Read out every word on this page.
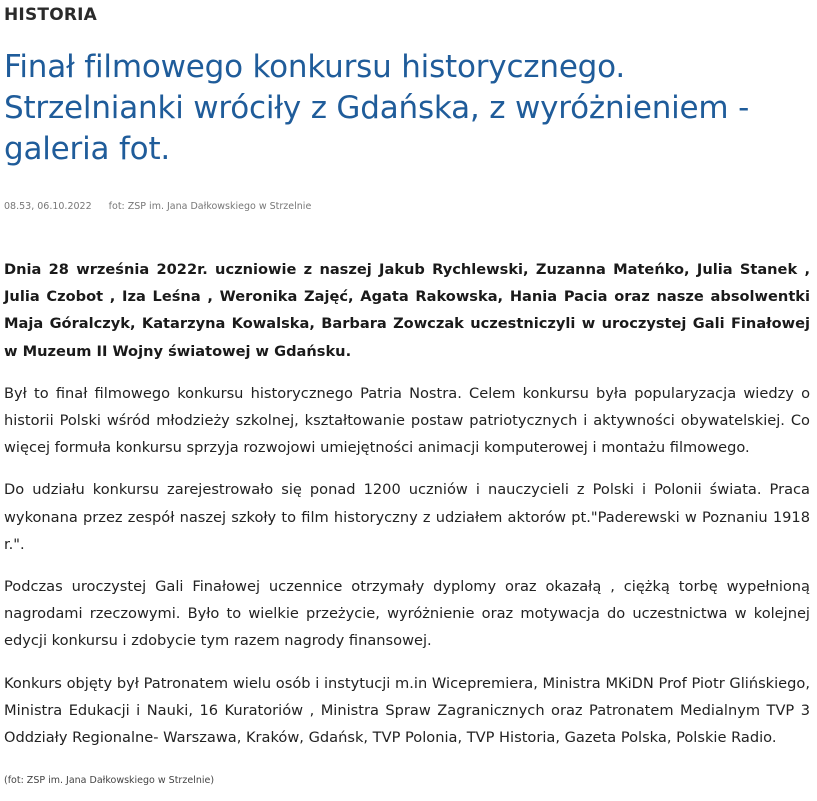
HISTORIA
Finał filmowego konkursu historycznego. Strzelnianki wróciły z Gdańska, z wyróżnieniem - galeria fot.
08.53, 06.10.2022 fot: ZSP im. Jana Dałkowskiego w Strzelnie

Dnia 28 września 2022r. uczniowie z naszej Jakub Rychlewski, Zuzanna Mateńko, Julia Stanek , Julia Czobot , Iza Leśna , Weronika Zajęć, Agata Rakowska, Hania Pacia oraz nasze absolwentki Maja Góralczyk, Katarzyna Kowalska, Barbara Zowczak uczestniczyli w uroczystej Gali Finałowej w Muzeum II Wojny światowej w Gdańsku.

Był to finał filmowego konkursu historycznego Patria Nostra. Celem konkursu była popularyzacja wiedzy o historii Polski wśród młodzieży szkolnej, kształtowanie postaw patriotycznych i aktywności obywatelskiej. Co więcej formuła konkursu sprzyja rozwojowi umiejętności animacji komputerowej i montażu filmowego.

Do udziału konkursu zarejestrowało się ponad 1200 uczniów i nauczycieli z Polski i Polonii świata. Praca wykonana przez zespół naszej szkoły to film historyczny z udziałem aktorów pt."Paderewski w Poznaniu 1918 r.".

Podczas uroczystej Gali Finałowej uczennice otrzymały dyplomy oraz okazałą , ciężką torbę wypełnioną nagrodami rzeczowymi. Było to wielkie przeżycie, wyróżnienie oraz motywacja do uczestnictwa w kolejnej edycji konkursu i zdobycie tym razem nagrody finansowej.

Konkurs objęty był Patronatem wielu osób i instytucji m.in Wicepremiera, Ministra MKiDN Prof Piotr Glińskiego, Ministra Edukacji i Nauki, 16 Kuratoriów , Ministra Spraw Zagranicznych oraz Patronatem Medialnym TVP 3 Oddziały Regionalne- Warszawa, Kraków, Gdańsk, TVP Polonia, TVP Historia, Gazeta Polska, Polskie Radio.

(fot: ZSP im. Jana Dałkowskiego w Strzelnie)
